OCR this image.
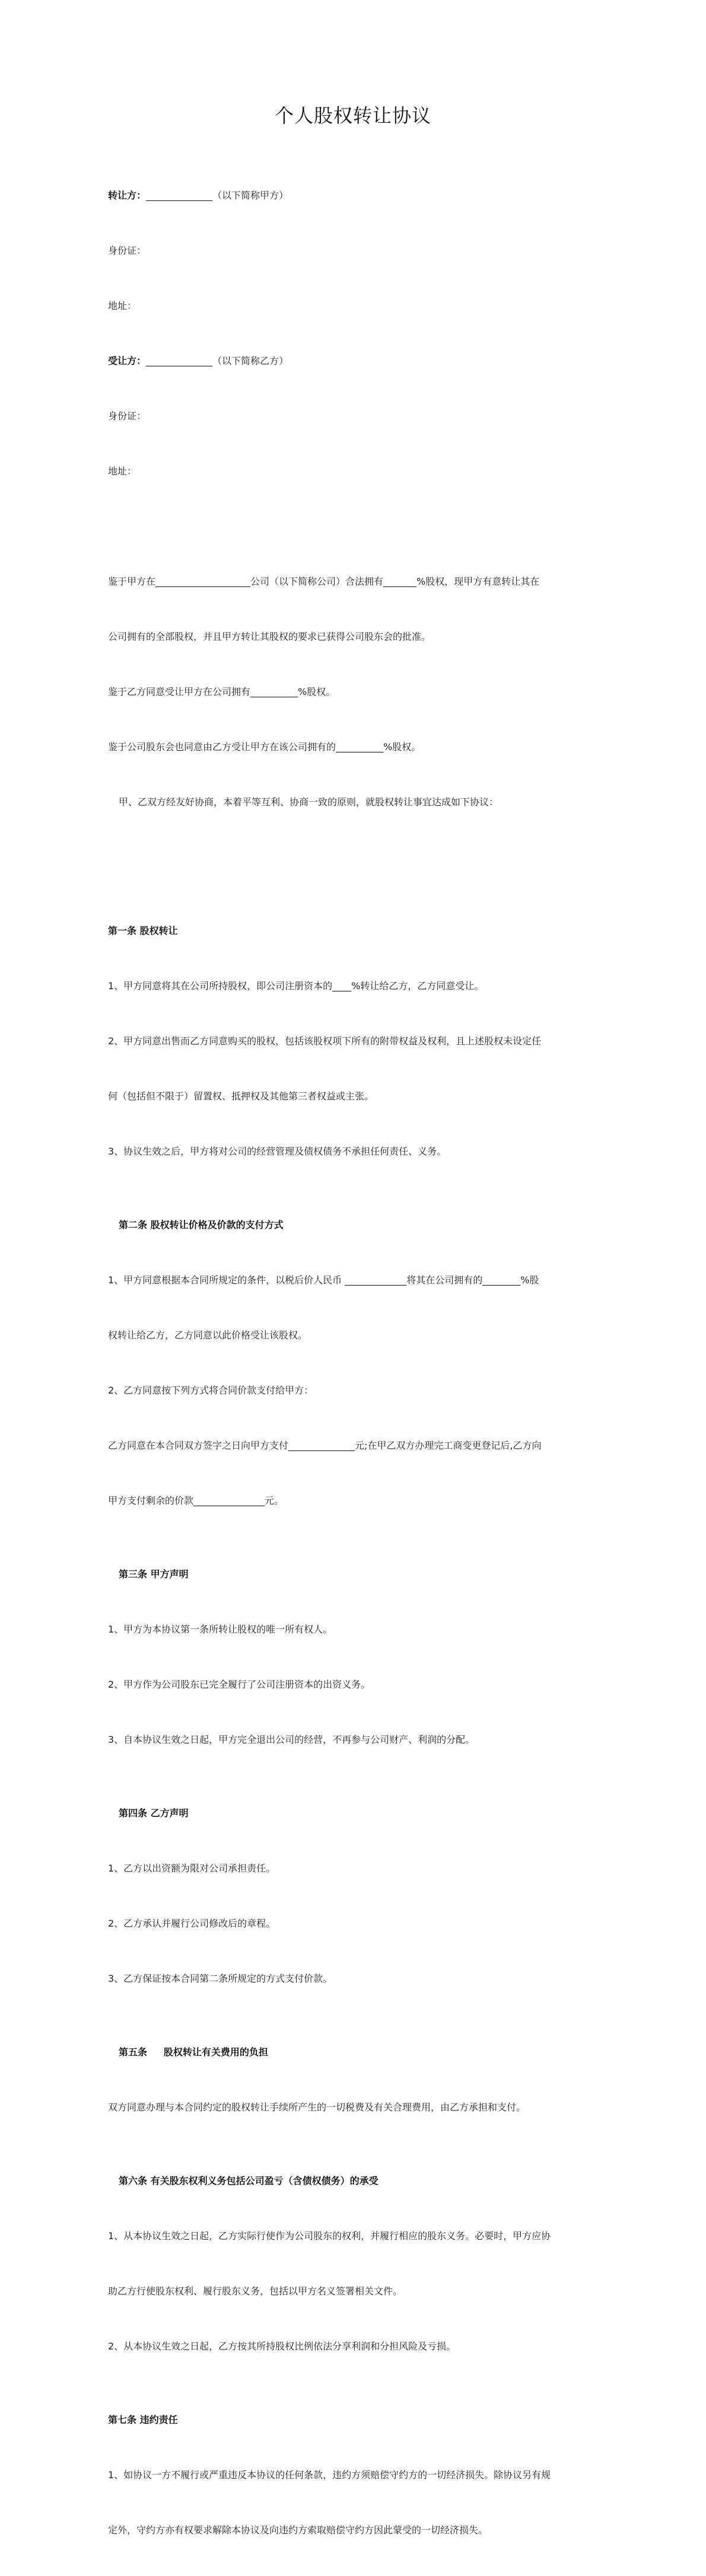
个人股权转让协议

转让方：______________（以下简称甲方）

身份证：

地址：

受让方：______________（以下简称乙方）

身份证：

地址：

鉴于甲方在____________________公司（以下简称公司）合法拥有_______%股权，现甲方有意转让其在

公司拥有的全部股权，并且甲方转让其股权的要求已获得公司股东会的批准。

鉴于乙方同意受让甲方在公司拥有__________%股权。

鉴于公司股东会也同意由乙方受让甲方在该公司拥有的__________%股权。

甲、乙双方经友好协商，本着平等互利、协商一致的原则，就股权转让事宜达成如下协议：

第一条 股权转让

1、甲方同意将其在公司所持股权，即公司注册资本的____%转让给乙方，乙方同意受让。

2、甲方同意出售而乙方同意购买的股权，包括该股权项下所有的附带权益及权利，且上述股权未设定任

何（包括但不限于）留置权、抵押权及其他第三者权益或主张。

3、协议生效之后，甲方将对公司的经营管理及债权债务不承担任何责任、义务。

第二条 股权转让价格及价款的支付方式

1、甲方同意根据本合同所规定的条件，以税后价人民币 _____________将其在公司拥有的________%股

权转让给乙方，乙方同意以此价格受让该股权。

2、乙方同意按下列方式将合同价款支付给甲方：

乙方同意在本合同双方签字之日向甲方支付______________元;在甲乙双方办理完工商变更登记后,乙方向

甲方支付剩余的价款_______________元。

第三条 甲方声明

1、甲方为本协议第一条所转让股权的唯一所有权人。

2、甲方作为公司股东已完全履行了公司注册资本的出资义务。

3、自本协议生效之日起，甲方完全退出公司的经营，不再参与公司财产、利润的分配。

第四条 乙方声明

1、乙方以出资额为限对公司承担责任。

2、乙方承认并履行公司修改后的章程。

3、乙方保证按本合同第二条所规定的方式支付价款。

第五条     股权转让有关费用的负担

双方同意办理与本合同约定的股权转让手续所产生的一切税费及有关合理费用，由乙方承担和支付。

第六条 有关股东权利义务包括公司盈亏（含债权债务）的承受

1、从本协议生效之日起，乙方实际行使作为公司股东的权利，并履行相应的股东义务。必要时，甲方应协

助乙方行使股东权利、履行股东义务，包括以甲方名义签署相关文件。

2、从本协议生效之日起，乙方按其所持股权比例依法分享利润和分担风险及亏损。

第七条 违约责任

1、如协议一方不履行或严重违反本协议的任何条款，违约方须赔偿守约方的一切经济损失。除协议另有规

定外，守约方亦有权要求解除本协议及向违约方索取赔偿守约方因此蒙受的一切经济损失。
